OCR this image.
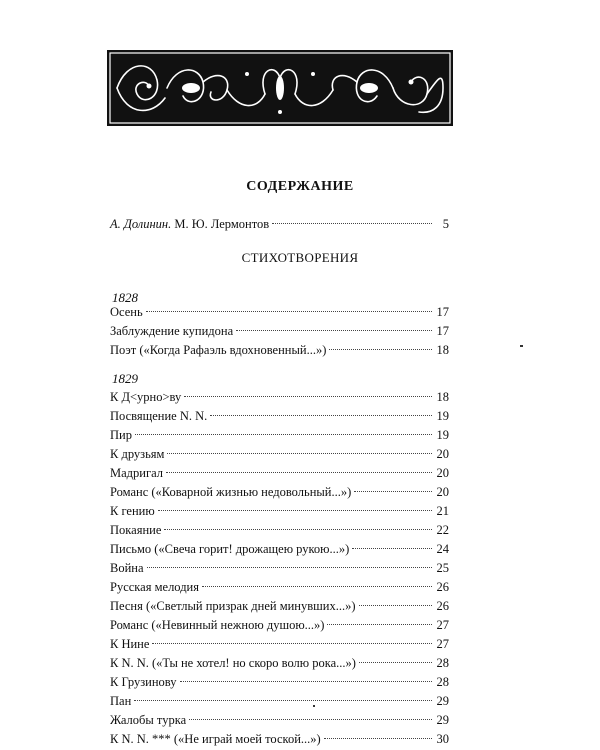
СОДЕРЖАНИЕ
А. Долинин. М. Ю. Лермонтов	5
СТИХОТВОРЕНИЯ
1828
Осень	17
Заблуждение купидона	17
Поэт («Когда Рафаэль вдохновенный...»)	18
1829
К Д<урно>ву	18
Посвящение N. N.	19
Пир	19
К друзьям	20
Мадригал	20
Романс («Коварной жизнью недовольный...»)	20
К гению	21
Покаяние	22
Письмо («Свеча горит! дрожащею рукою...»)	24
Война	25
Русская мелодия	26
Песня («Светлый призрак дней минувших...»)	26
Романс («Невинный нежною душою...»)	27
К Нине	27
К N. N. («Ты не хотел! но скоро волю рока...»)	28
К Грузинову	28
Пан	29
Жалобы турка	29
К N. N. *** («Не играй моей тоской...»)	30
